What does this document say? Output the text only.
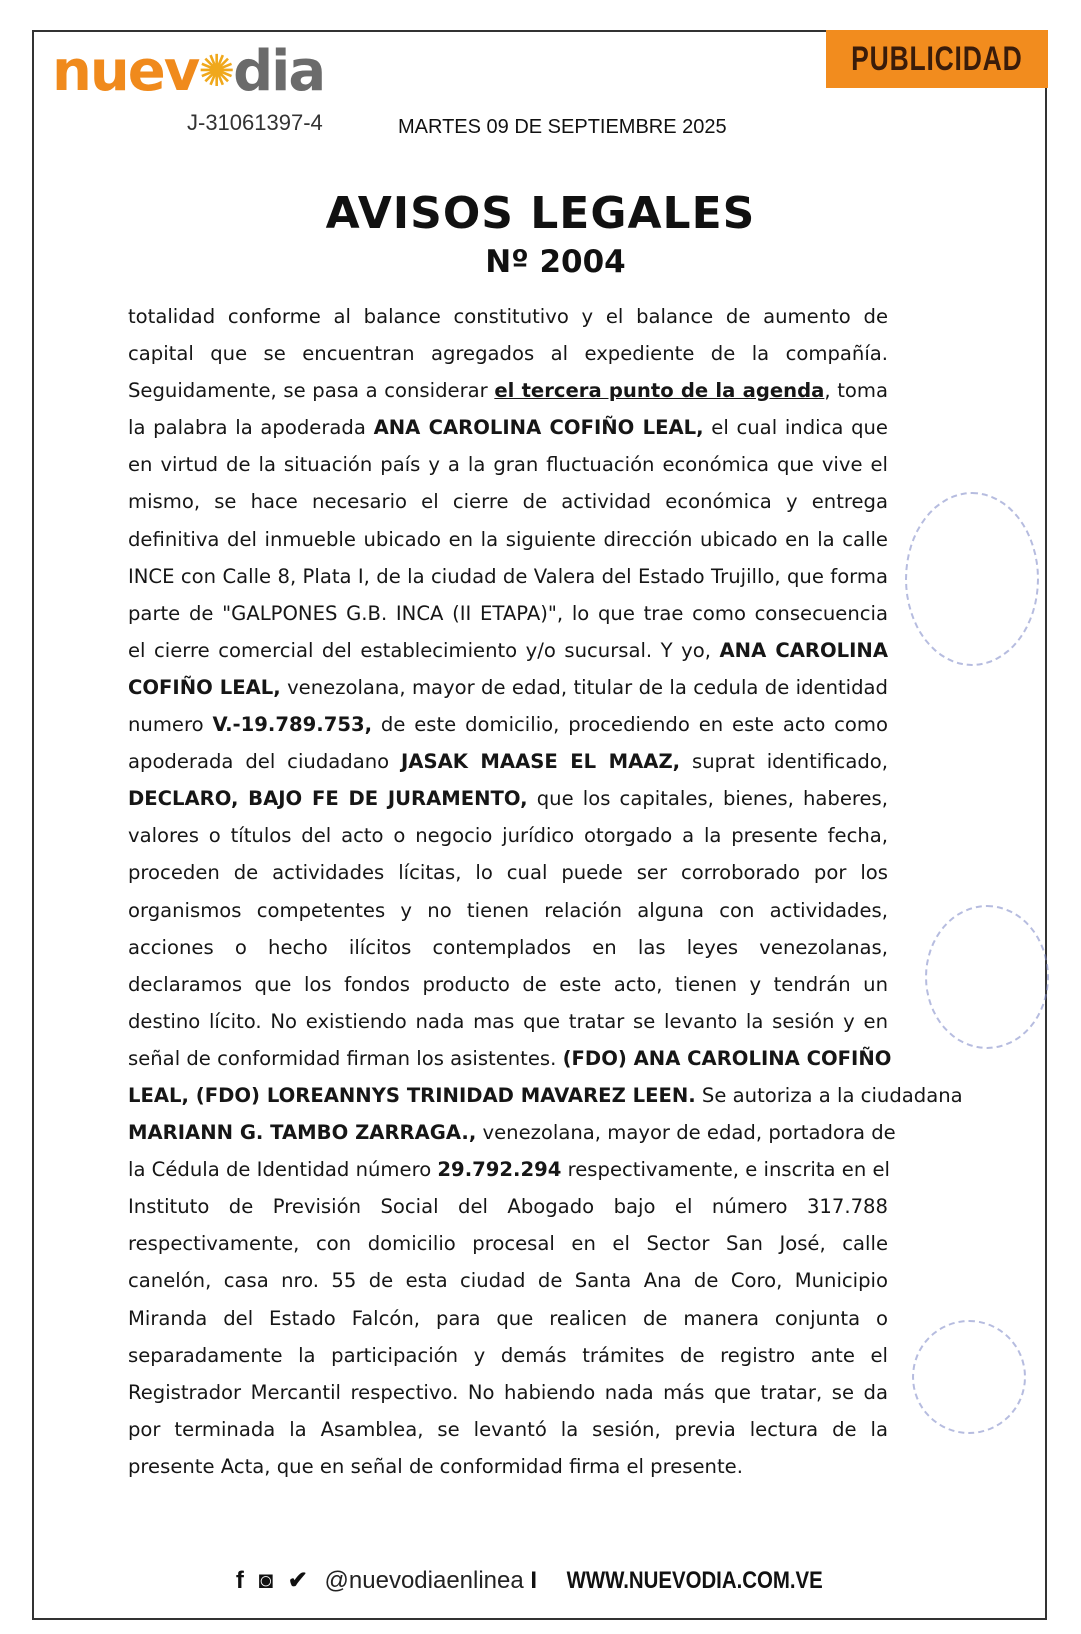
nuev✺dia
J-31061397-4	MARTES 09 DE SEPTIEMBRE 2025
PUBLICIDAD
AVISOS LEGALES
Nº 2004
totalidad conforme al balance constitutivo y el balance de aumento de
capital que se encuentran agregados al expediente de la compañía.
Seguidamente, se pasa a considerar el tercera punto de la agenda, toma
la palabra la apoderada ANA CAROLINA COFIÑO LEAL, el cual indica que
en virtud de la situación país y a la gran fluctuación económica que vive el
mismo, se hace necesario el cierre de actividad económica y entrega
definitiva del inmueble ubicado en la siguiente dirección ubicado en la calle
INCE con Calle 8, Plata I, de la ciudad de Valera del Estado Trujillo, que forma
parte de "GALPONES G.B. INCA (II ETAPA)", lo que trae como consecuencia
el cierre comercial del establecimiento y/o sucursal. Y yo, ANA CAROLINA
COFIÑO LEAL, venezolana, mayor de edad, titular de la cedula de identidad
numero V.-19.789.753, de este domicilio, procediendo en este acto como
apoderada del ciudadano JASAK MAASE EL MAAZ, suprat identificado,
DECLARO, BAJO FE DE JURAMENTO, que los capitales, bienes, haberes,
valores o títulos del acto o negocio jurídico otorgado a la presente fecha,
proceden de actividades lícitas, lo cual puede ser corroborado por los
organismos competentes y no tienen relación alguna con actividades,
acciones o hecho ilícitos contemplados en las leyes venezolanas,
declaramos que los fondos producto de este acto, tienen y tendrán un
destino lícito. No existiendo nada mas que tratar se levanto la sesión y en
señal de conformidad firman los asistentes. (FDO) ANA CAROLINA COFIÑO
LEAL, (FDO) LOREANNYS TRINIDAD MAVAREZ LEEN. Se autoriza a la ciudadana
MARIANN G. TAMBO ZARRAGA., venezolana, mayor de edad, portadora de
la Cédula de Identidad número 29.792.294 respectivamente, e inscrita en el
Instituto de Previsión Social del Abogado bajo el número 317.788
respectivamente, con domicilio procesal en el Sector San José, calle
canelón, casa nro. 55 de esta ciudad de Santa Ana de Coro, Municipio
Miranda del Estado Falcón, para que realicen de manera conjunta o
separadamente la participación y demás trámites de registro ante el
Registrador Mercantil respectivo. No habiendo nada más que tratar, se da
por terminada la Asamblea, se levantó la sesión, previa lectura de la
presente Acta, que en señal de conformidad firma el presente.
f ◙ ✔ @nuevodiaenlinea I WWW.NUEVODIA.COM.VE
